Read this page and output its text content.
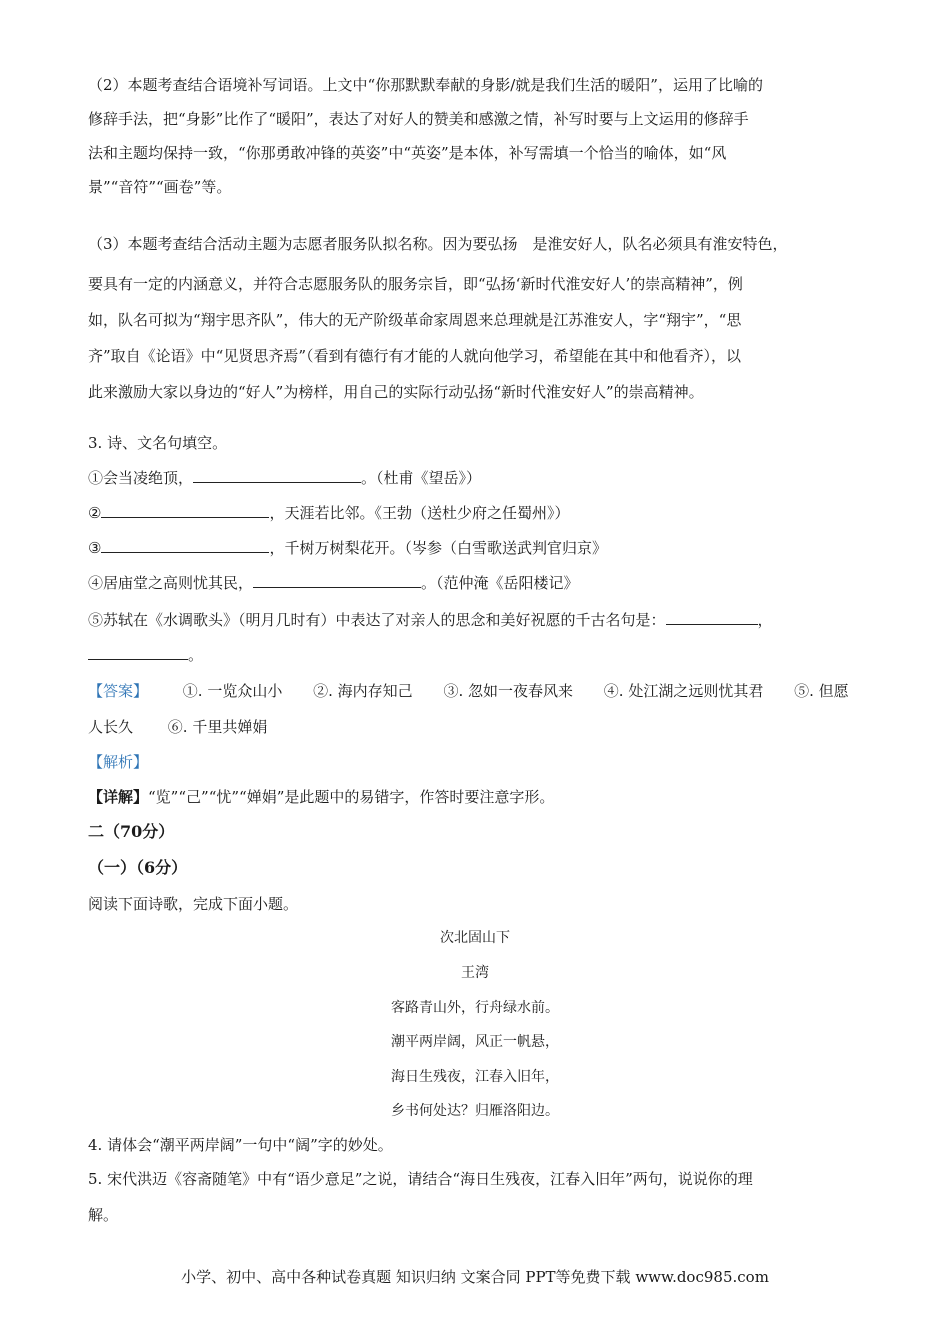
（2）本题考查结合语境补写词语。上文中“你那默默奉献的身影/就是我们生活的暖阳”，运用了比喻的
修辞手法，把“身影”比作了“暖阳”，表达了对好人的赞美和感激之情，补写时要与上文运用的修辞手
法和主题均保持一致，“你那勇敢冲锋的英姿”中“英姿”是本体，补写需填一个恰当的喻体，如“风
景”“音符”“画卷”等。
（3）本题考查结合活动主题为志愿者服务队拟名称。因为要弘扬　是淮安好人，队名必须具有淮安特色，
要具有一定的内涵意义，并符合志愿服务队的服务宗旨，即“弘扬‘新时代淮安好人’的崇高精神”，例
如，队名可拟为“翔宇思齐队”，伟大的无产阶级革命家周恩来总理就是江苏淮安人，字“翔宇”，“思
齐”取自《论语》中“见贤思齐焉”（看到有德行有才能的人就向他学习，希望能在其中和他看齐），以
此来激励大家以身边的“好人”为榜样，用自己的实际行动弘扬“新时代淮安好人”的崇高精神。
3. 诗、文名句填空。
①会当凌绝顶，	。（杜甫《望岳》）
②	，天涯若比邻。《王勃（送杜少府之任蜀州》）
③	，千树万树梨花开。（岑参（白雪歌送武判官归京》
④居庙堂之高则忧其民，	。（范仲淹《岳阳楼记》
⑤苏轼在《水调歌头》（明月几时有）中表达了对亲人的思念和美好祝愿的千古名句是：	，
。
【答案】 ①. 一览众山小 ②. 海内存知己 ③. 忽如一夜春风来 ④. 处江湖之远则忧其君 ⑤. 但愿
人长久 ⑥. 千里共婵娟
【解析】
【详解】“览”“己”“忧”“婵娟”是此题中的易错字，作答时要注意字形。
二（70分）
（一）（6分）
阅读下面诗歌，完成下面小题。
次北固山下
王湾
客路青山外，行舟绿水前。
潮平两岸阔，风正一帆悬，
海日生残夜，江春入旧年，
乡书何处达？归雁洛阳边。
4. 请体会“潮平两岸阔”一句中“阔”字的妙处。
5. 宋代洪迈《容斋随笔》中有“语少意足”之说，请结合“海日生残夜，江春入旧年”两句，说说你的理
解。
小学、初中、高中各种试卷真题 知识归纳 文案合同 PPT等免费下载 www.doc985.com
